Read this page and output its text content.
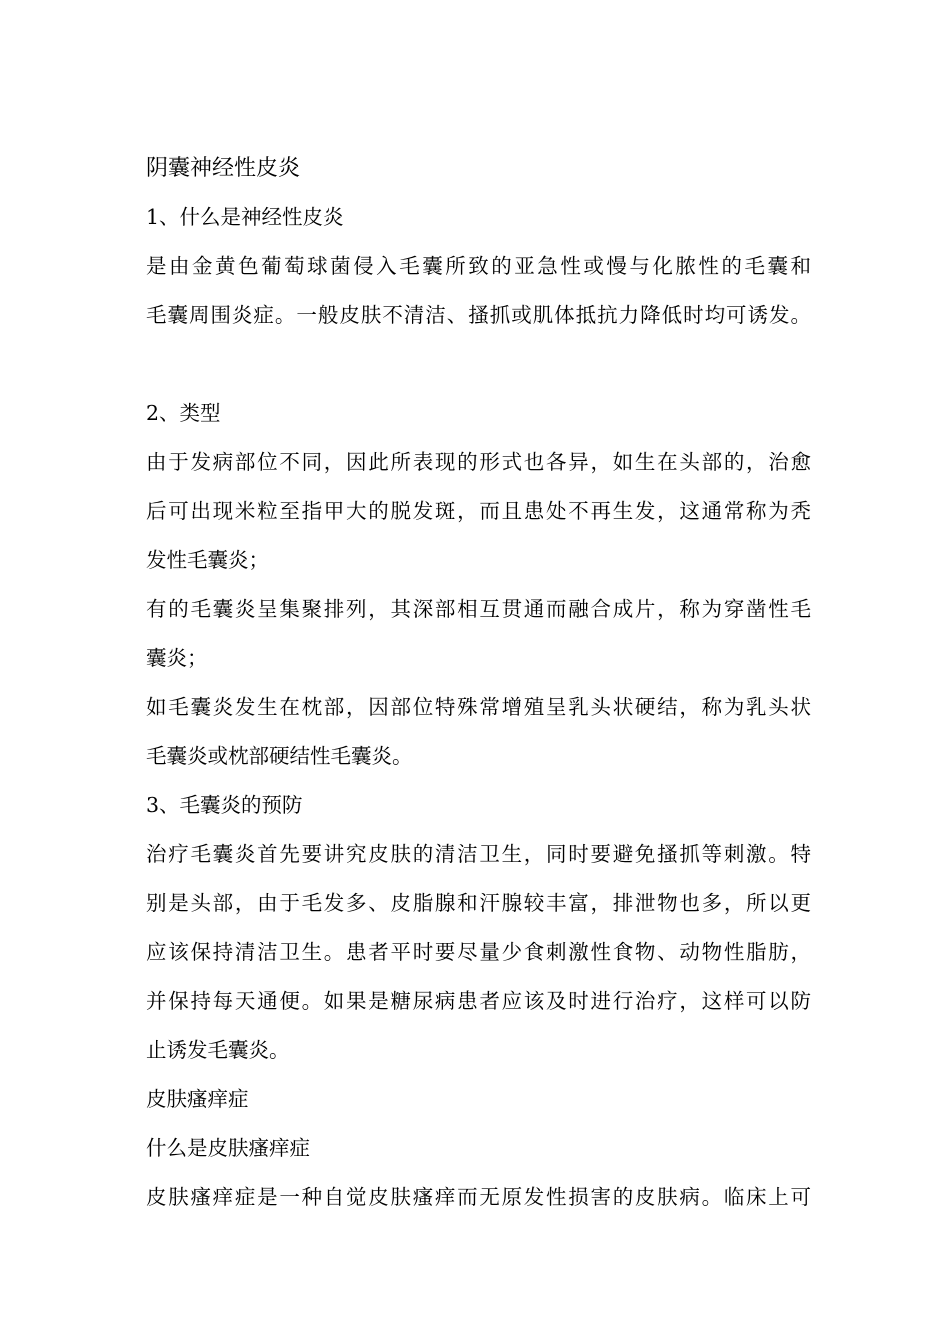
阴囊神经性皮炎
1、什么是神经性皮炎
是由金黄色葡萄球菌侵入毛囊所致的亚急性或慢与化脓性的毛囊和
毛囊周围炎症。一般皮肤不清洁、搔抓或肌体抵抗力降低时均可诱发。
2、类型
由于发病部位不同，因此所表现的形式也各异，如生在头部的，治愈
后可出现米粒至指甲大的脱发斑，而且患处不再生发，这通常称为秃
发性毛囊炎；
有的毛囊炎呈集聚排列，其深部相互贯通而融合成片，称为穿凿性毛
囊炎；
如毛囊炎发生在枕部，因部位特殊常增殖呈乳头状硬结，称为乳头状
毛囊炎或枕部硬结性毛囊炎。
3、毛囊炎的预防
治疗毛囊炎首先要讲究皮肤的清洁卫生，同时要避免搔抓等刺激。特
别是头部，由于毛发多、皮脂腺和汗腺较丰富，排泄物也多，所以更
应该保持清洁卫生。患者平时要尽量少食刺激性食物、动物性脂肪，
并保持每天通便。如果是糖尿病患者应该及时进行治疗，这样可以防
止诱发毛囊炎。
皮肤瘙痒症
什么是皮肤瘙痒症
皮肤瘙痒症是一种自觉皮肤瘙痒而无原发性损害的皮肤病。临床上可
